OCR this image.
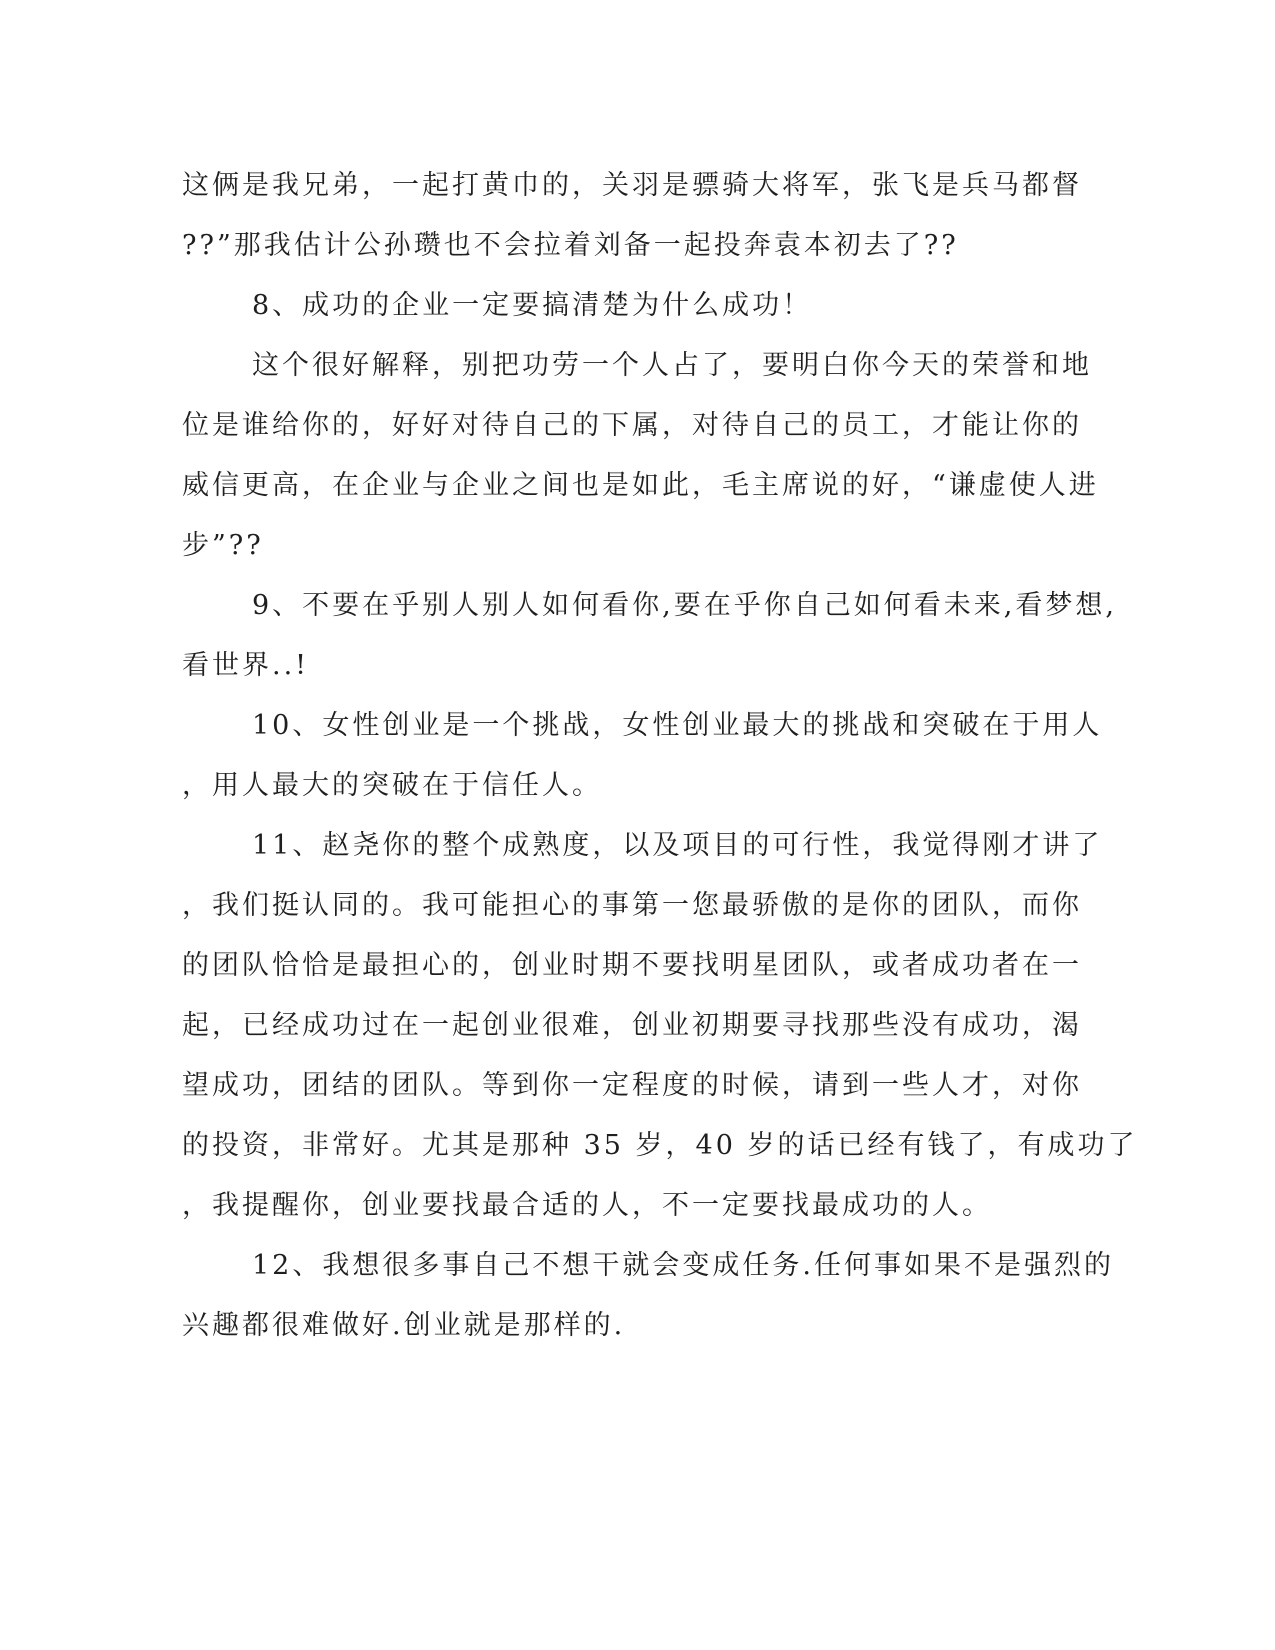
这俩是我兄弟，一起打黄巾的，关羽是骠骑大将军，张飞是兵马都督
??”那我估计公孙瓒也不会拉着刘备一起投奔袁本初去了??
8、成功的企业一定要搞清楚为什么成功！
这个很好解释，别把功劳一个人占了，要明白你今天的荣誉和地
位是谁给你的，好好对待自己的下属，对待自己的员工，才能让你的
威信更高，在企业与企业之间也是如此，毛主席说的好，“谦虚使人进
步”??
9、不要在乎别人别人如何看你,要在乎你自己如何看未来,看梦想,
看世界..!
10、女性创业是一个挑战，女性创业最大的挑战和突破在于用人
，用人最大的突破在于信任人。
11、赵尧你的整个成熟度，以及项目的可行性，我觉得刚才讲了
，我们挺认同的。我可能担心的事第一您最骄傲的是你的团队，而你
的团队恰恰是最担心的，创业时期不要找明星团队，或者成功者在一
起，已经成功过在一起创业很难，创业初期要寻找那些没有成功，渴
望成功，团结的团队。等到你一定程度的时候，请到一些人才，对你
的投资，非常好。尤其是那种 35 岁，40 岁的话已经有钱了，有成功了
，我提醒你，创业要找最合适的人，不一定要找最成功的人。
12、我想很多事自己不想干就会变成任务.任何事如果不是强烈的
兴趣都很难做好.创业就是那样的.
